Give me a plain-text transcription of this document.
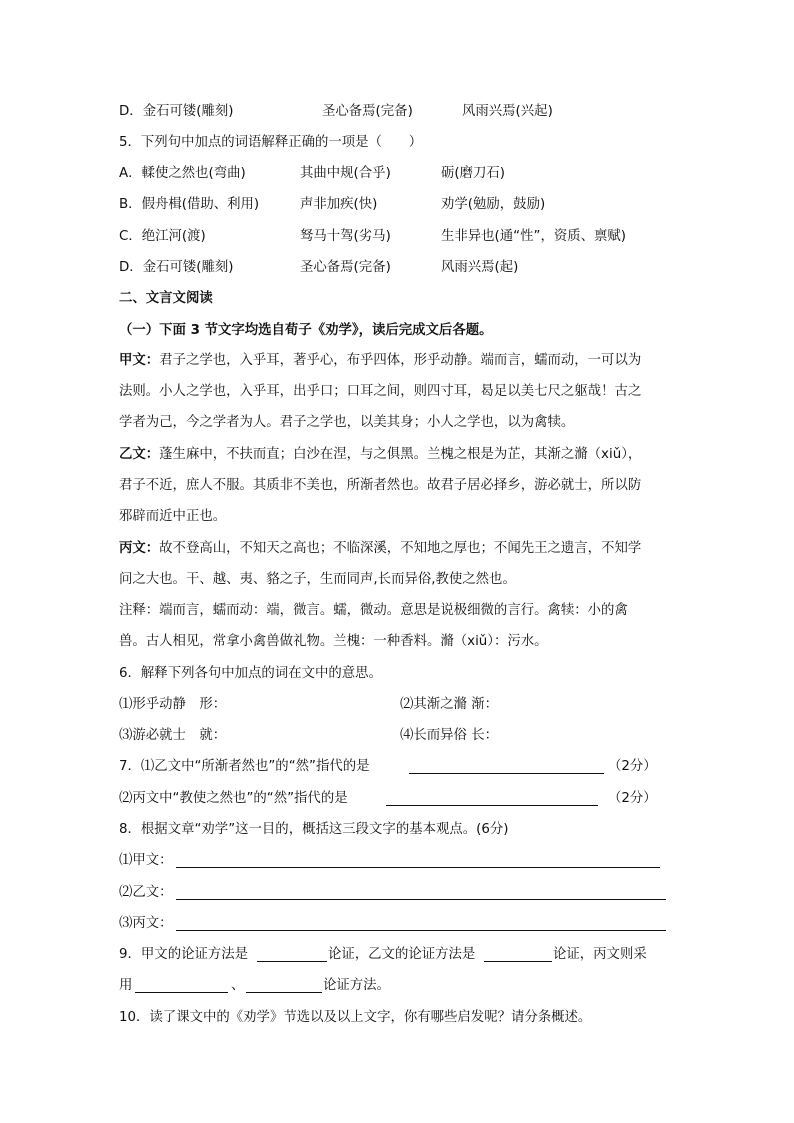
D．金石可镂(雕刻)	圣心备焉(完备)	风雨兴焉(兴起)
5．下列句中加点的词语解释正确的一项是（　　）
A．輮使之然也(弯曲)	其曲中规(合乎)	砺(磨刀石)
B．假舟楫(借助、利用)	声非加疾(快)	劝学(勉励，鼓励)
C．绝江河(渡)	驽马十驾(劣马)	生非异也(通“性”，资质、禀赋)
D．金石可镂(雕刻)	圣心备焉(完备)	风雨兴焉(起)
二、文言文阅读
（一）下面 3 节文字均选自荀子《劝学》，读后完成文后各题。
甲文：君子之学也，入乎耳，著乎心，布乎四体，形乎动静。端而言，蠕而动，一可以为
法则。小人之学也，入乎耳，出乎口；口耳之间，则四寸耳，曷足以美七尺之躯哉！古之
学者为己，今之学者为人。君子之学也，以美其身；小人之学也，以为禽犊。
乙文：蓬生麻中，不扶而直；白沙在涅，与之俱黑。兰槐之根是为芷，其渐之滫（xiǔ），
君子不近，庶人不服。其质非不美也，所渐者然也。故君子居必择乡，游必就士，所以防
邪辟而近中正也。
丙文：故不登高山，不知天之高也；不临深溪，不知地之厚也；不闻先王之遗言，不知学
问之大也。干、越、夷、貉之子，生而同声,长而异俗,教使之然也。
注释：端而言，蠕而动：端，微言。蠕，微动。意思是说极细微的言行。禽犊：小的禽
兽。古人相见，常拿小禽兽做礼物。兰槐：一种香料。滫（xiǔ）：污水。
6．解释下列各句中加点的词在文中的意思。
⑴形乎动静　形：	⑵其渐之滫 渐：
⑶游必就士　就：	⑷长而异俗 长：
7．⑴乙文中“所渐者然也”的“然”指代的是	（2分）
⑵丙文中“教使之然也”的“然”指代的是	（2分）
8．根据文章“劝学”这一目的，概括这三段文字的基本观点。(6分)
⑴甲文：
⑵乙文：
⑶丙文：
9．甲文的论证方法是	论证，乙文的论证方法是	论证，丙文则采
用	、	论证方法。
10．读了课文中的《劝学》节选以及以上文字，你有哪些启发呢？请分条概述。
